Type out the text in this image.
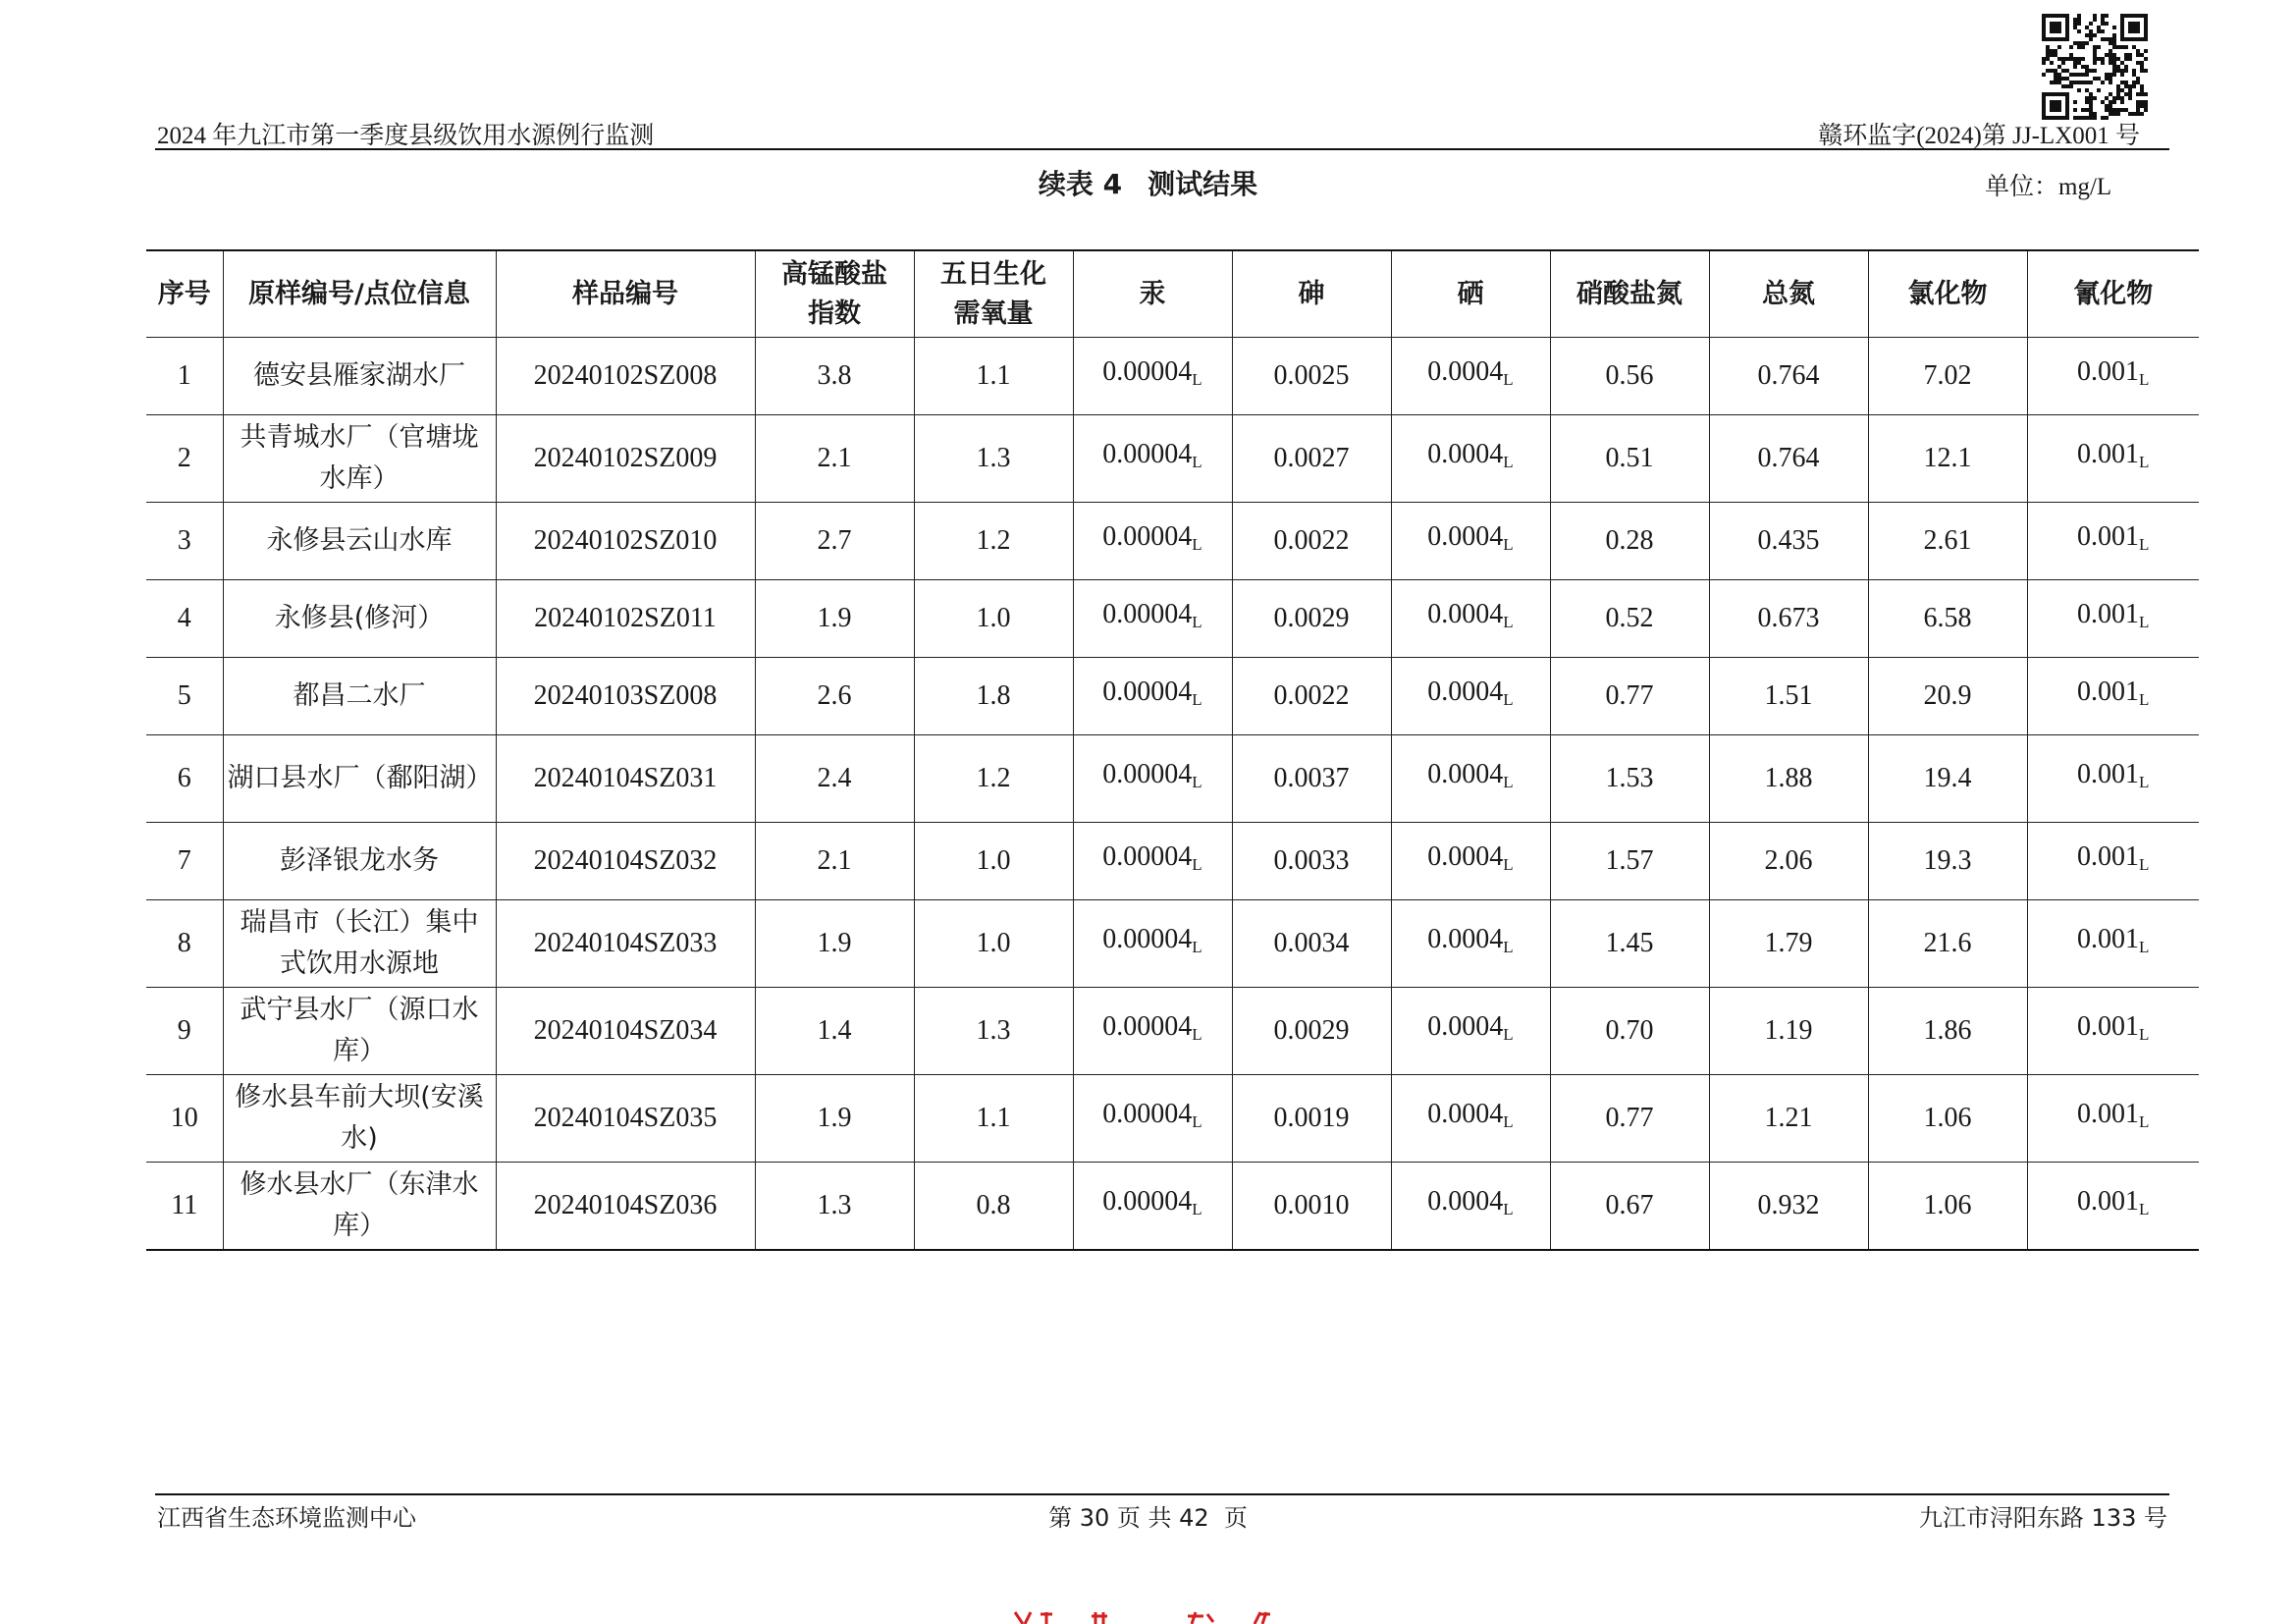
2024 年九江市第一季度县级饮用水源例行监测	赣环监字(2024)第 JJ-LX001 号
续表 4 测试结果	单位：mg/L
序号	原样编号/点位信息	样品编号	高锰酸盐指数	五日生化需氧量	汞	砷	硒	硝酸盐氮	总氮	氯化物	氰化物
1	德安县雁家湖水厂	20240102SZ008	3.8	1.1	$0.00004_L$	0.0025	$0.0004_L$	0.56	0.764	7.02	$0.001_L$
2	共青城水厂（官塘垅水库）	20240102SZ009	2.1	1.3	$0.00004_L$	0.0027	$0.0004_L$	0.51	0.764	12.1	$0.001_L$
3	永修县云山水库	20240102SZ010	2.7	1.2	$0.00004_L$	0.0022	$0.0004_L$	0.28	0.435	2.61	$0.001_L$
4	永修县(修河）	20240102SZ011	1.9	1.0	$0.00004_L$	0.0029	$0.0004_L$	0.52	0.673	6.58	$0.001_L$
5	都昌二水厂	20240103SZ008	2.6	1.8	$0.00004_L$	0.0022	$0.0004_L$	0.77	1.51	20.9	$0.001_L$
6	湖口县水厂（鄱阳湖）	20240104SZ031	2.4	1.2	$0.00004_L$	0.0037	$0.0004_L$	1.53	1.88	19.4	$0.001_L$
7	彭泽银龙水务	20240104SZ032	2.1	1.0	$0.00004_L$	0.0033	$0.0004_L$	1.57	2.06	19.3	$0.001_L$
8	瑞昌市（长江）集中式饮用水源地	20240104SZ033	1.9	1.0	$0.00004_L$	0.0034	$0.0004_L$	1.45	1.79	21.6	$0.001_L$
9	武宁县水厂（源口水库）	20240104SZ034	1.4	1.3	$0.00004_L$	0.0029	$0.0004_L$	0.70	1.19	1.86	$0.001_L$
10	修水县车前大坝(安溪水)	20240104SZ035	1.9	1.1	$0.00004_L$	0.0019	$0.0004_L$	0.77	1.21	1.06	$0.001_L$
11	修水县水厂（东津水库）	20240104SZ036	1.3	0.8	$0.00004_L$	0.0010	$0.0004_L$	0.67	0.932	1.06	$0.001_L$
江西省生态环境监测中心	第 30 页 共 42  页	九江市浔阳东路 133 号
